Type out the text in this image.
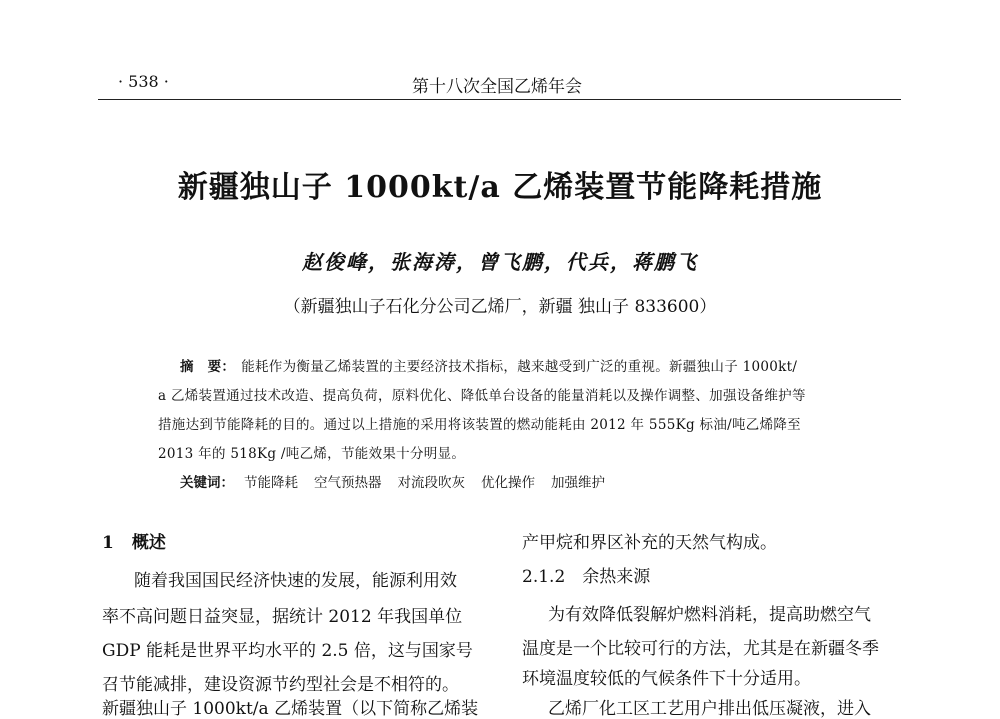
· 538 ·	第十八次全国乙烯年会
新疆独山子 1000kt/a 乙烯装置节能降耗措施
赵俊峰，张海涛，曾飞鹏，代兵，蒋鹏飞
（新疆独山子石化分公司乙烯厂，新疆 独山子 833600）
摘　要： 能耗作为衡量乙烯装置的主要经济技术指标，越来越受到广泛的重视。新疆独山子 1000kt/
a 乙烯装置通过技术改造、提高负荷，原料优化、降低单台设备的能量消耗以及操作调整、加强设备维护等
措施达到节能降耗的目的。通过以上措施的采用将该装置的燃动能耗由 2012 年 555Kg 标油/吨乙烯降至
2013 年的 518Kg /吨乙烯，节能效果十分明显。
关键词： 节能降耗 空气预热器 对流段吹灰 优化操作 加强维护
1 概述
随着我国国民经济快速的发展，能源利用效
率不高问题日益突显，据统计 2012 年我国单位
GDP 能耗是世界平均水平的 2.5 倍，这与国家号
召节能减排，建设资源节约型社会是不相符的。
产甲烷和界区补充的天然气构成。
2.1.2　余热来源
为有效降低裂解炉燃料消耗，提高助燃空气
温度是一个比较可行的方法，尤其是在新疆冬季
环境温度较低的气候条件下十分适用。
乙烯厂化工区工艺用户排出低压凝液，进入
新疆独山子 1000kt/a 乙烯装置（以下简称乙烯装
